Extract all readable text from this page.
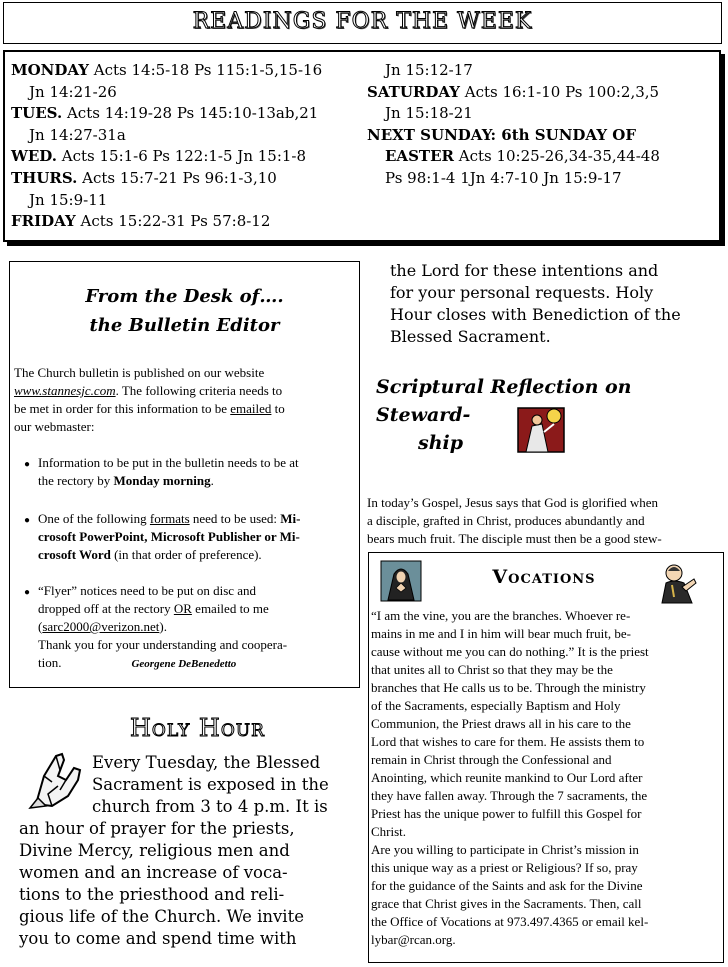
READINGS FOR THE WEEK
MONDAY Acts 14:5-18 Ps 115:1-5,15-16
Jn 14:21-26
TUES. Acts 14:19-28 Ps 145:10-13ab,21
Jn 14:27-31a
WED. Acts 15:1-6 Ps 122:1-5 Jn 15:1-8
THURS. Acts 15:7-21 Ps 96:1-3,10
Jn 15:9-11
FRIDAY Acts 15:22-31 Ps 57:8-12
Jn 15:12-17
SATURDAY Acts 16:1-10 Ps 100:2,3,5
Jn 15:18-21
NEXT SUNDAY: 6th SUNDAY OF
EASTER Acts 10:25-26,34-35,44-48
Ps 98:1-4 1Jn 4:7-10 Jn 15:9-17
From the Desk of….
the Bulletin Editor
The Church bulletin is published on our website
www.stannesjc.com. The following criteria needs to
be met in order for this information to be emailed to
our webmaster:
● Information to be put in the bulletin needs to be at
the rectory by Monday morning.
● One of the following formats need to be used: Mi-
crosoft PowerPoint, Microsoft Publisher or Mi-
crosoft Word (in that order of preference).
● “Flyer” notices need to be put on disc and
dropped off at the rectory OR emailed to me
(sarc2000@verizon.net).
Thank you for your understanding and coopera-
tion.	Georgene DeBenedetto
Holy Hour
Every Tuesday, the Blessed
Sacrament is exposed in the
church from 3 to 4 p.m. It is
an hour of prayer for the priests,
Divine Mercy, religious men and
women and an increase of voca-
tions to the priesthood and reli-
gious life of the Church. We invite
you to come and spend time with
the Lord for these intentions and
for your personal requests. Holy
Hour closes with Benediction of the
Blessed Sacrament.
Scriptural Reflection on Steward-
ship
In today’s Gospel, Jesus says that God is glorified when
a disciple, grafted in Christ, produces abundantly and
bears much fruit. The disciple must then be a good stew-
Vocations
“I am the vine, you are the branches. Whoever re-
mains in me and I in him will bear much fruit, be-
cause without me you can do nothing.” It is the priest
that unites all to Christ so that they may be the
branches that He calls us to be. Through the ministry
of the Sacraments, especially Baptism and Holy
Communion, the Priest draws all in his care to the
Lord that wishes to care for them. He assists them to
remain in Christ through the Confessional and
Anointing, which reunite mankind to Our Lord after
they have fallen away. Through the 7 sacraments, the
Priest has the unique power to fulfill this Gospel for
Christ.
Are you willing to participate in Christ’s mission in
this unique way as a priest or Religious? If so, pray
for the guidance of the Saints and ask for the Divine
grace that Christ gives in the Sacraments. Then, call
the Office of Vocations at 973.497.4365 or email kel-
lybar@rcan.org.
